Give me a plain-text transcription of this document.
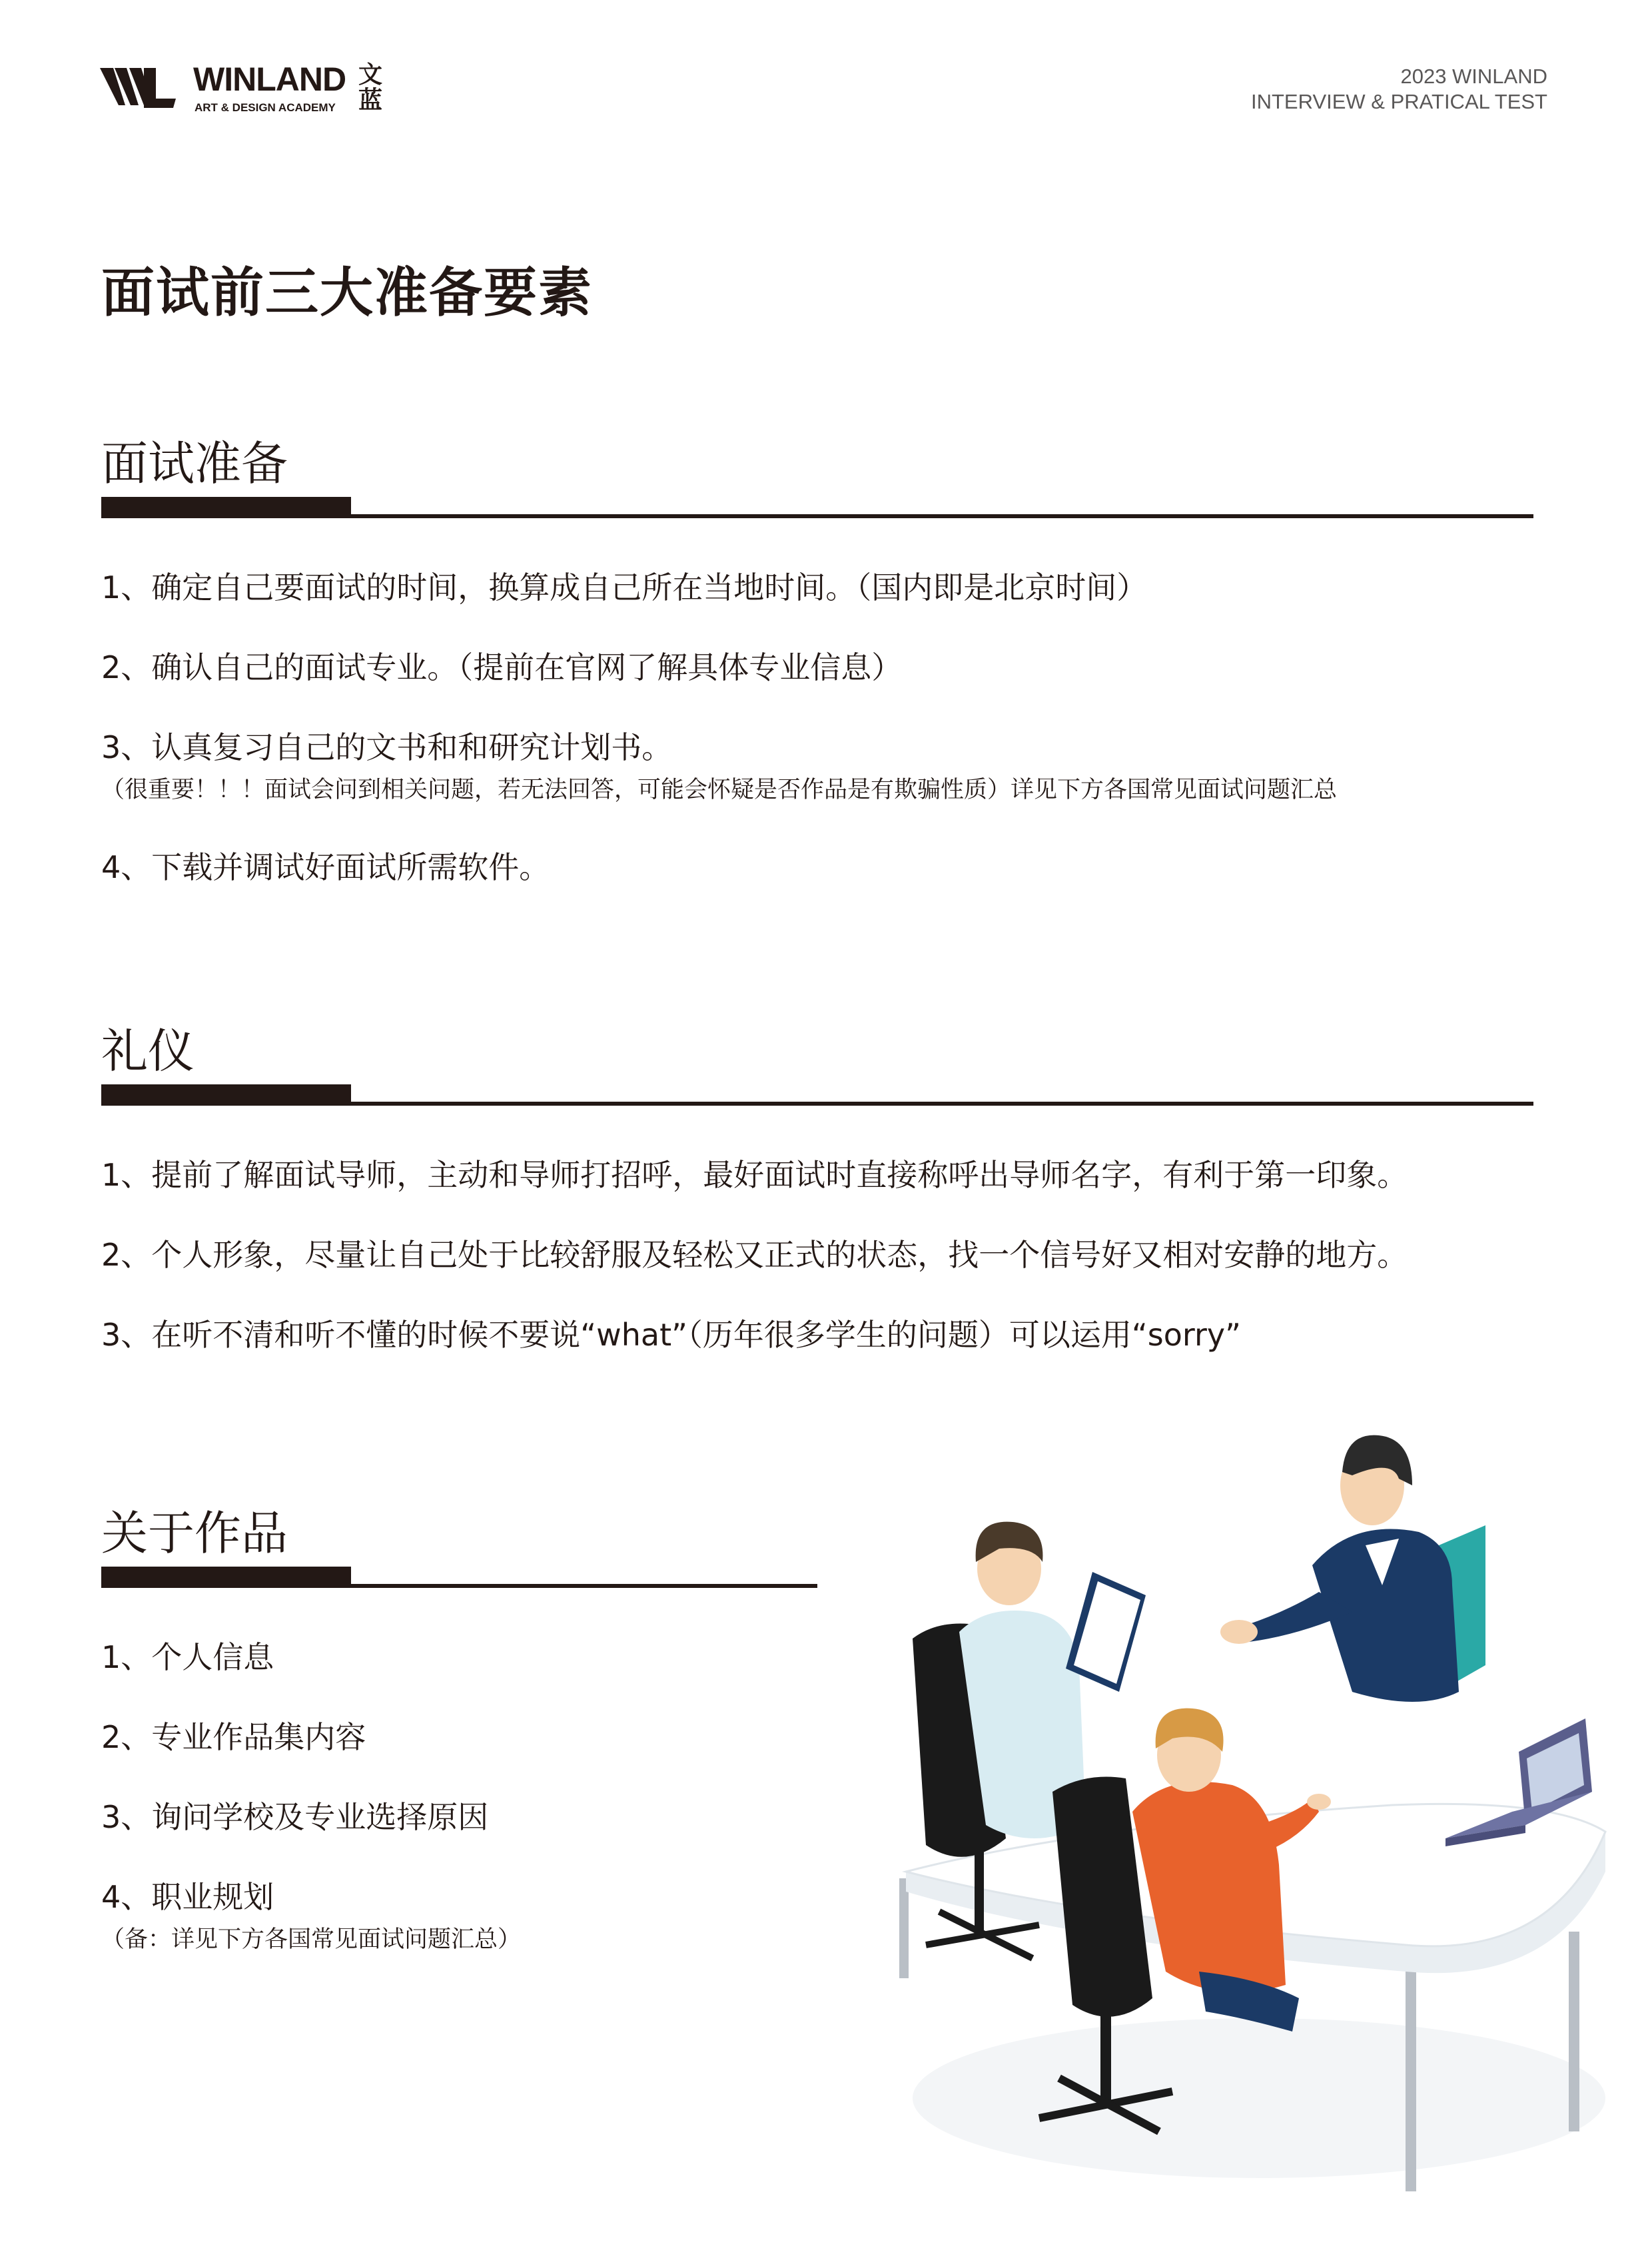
WINLAND
ART & DESIGN ACADEMY
文蓝
2023 WINLAND
INTERVIEW & PRATICAL TEST
面试前三大准备要素
面试准备
1、确定自己要面试的时间，换算成自己所在当地时间。（国内即是北京时间）
2、确认自己的面试专业。（提前在官网了解具体专业信息）
3、认真复习自己的文书和和研究计划书。
（很重要！！！面试会问到相关问题，若无法回答，可能会怀疑是否作品是有欺骗性质）详见下方各国常见面试问题汇总
4、下载并调试好面试所需软件。
礼仪
1、提前了解面试导师，主动和导师打招呼，最好面试时直接称呼出导师名字，有利于第一印象。
2、个人形象，尽量让自己处于比较舒服及轻松又正式的状态，找一个信号好又相对安静的地方。
3、在听不清和听不懂的时候不要说“what”（历年很多学生的问题）可以运用“sorry”
关于作品
1、个人信息
2、专业作品集内容
3、询问学校及专业选择原因
4、职业规划
（备：详见下方各国常见面试问题汇总）
